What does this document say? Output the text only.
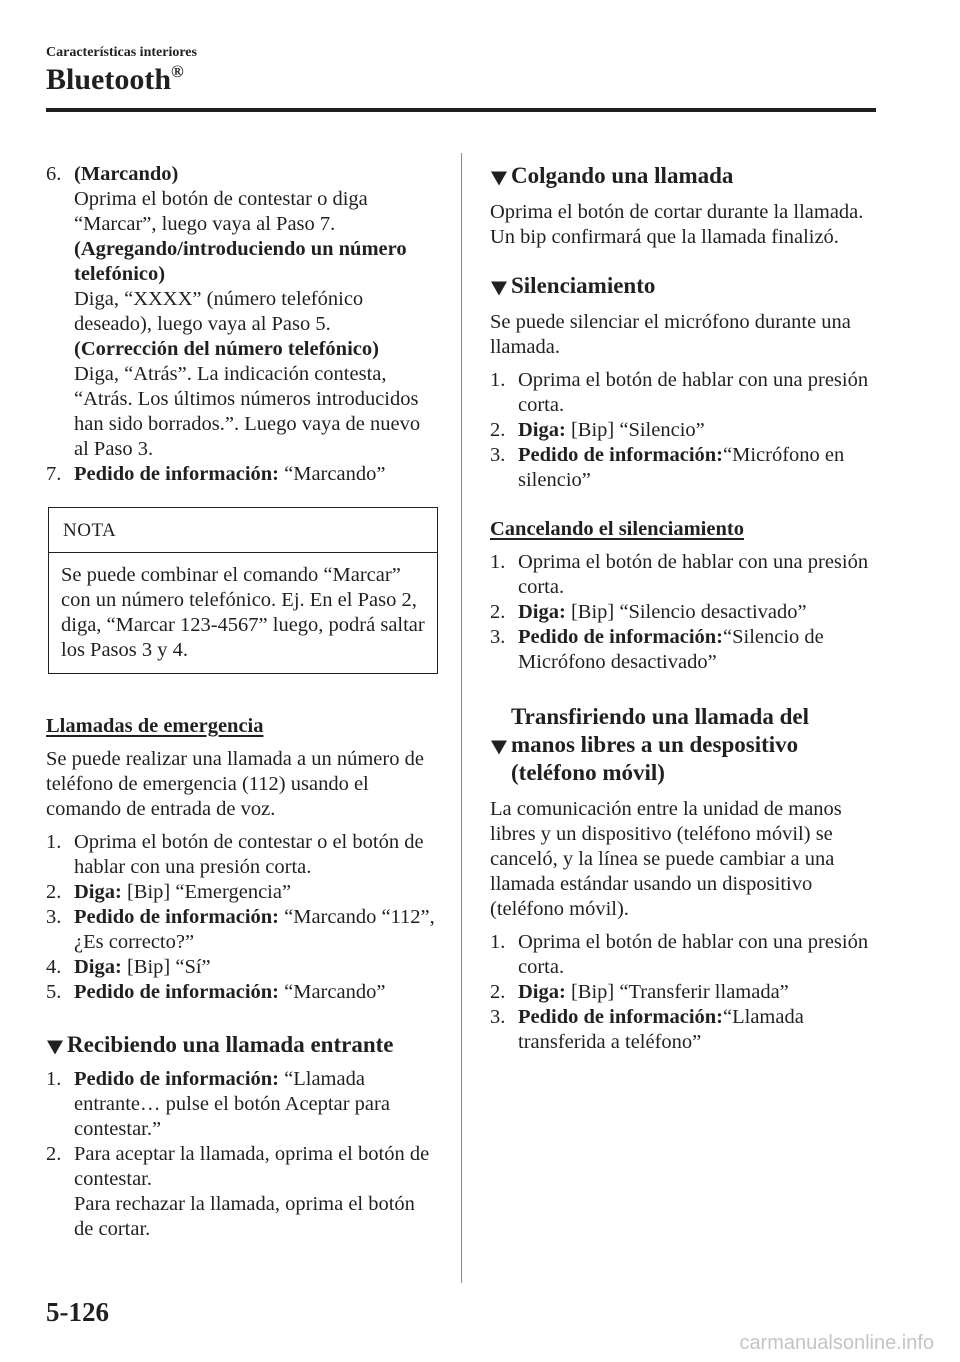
Características interiores
Bluetooth®
6. (Marcando)
Oprima el botón de contestar o diga “Marcar”, luego vaya al Paso 7.
(Agregando/introduciendo un número telefónico)
Diga, “XXXX” (número telefónico deseado), luego vaya al Paso 5.
(Corrección del número telefónico)
Diga, “Atrás”. La indicación contesta, “Atrás. Los últimos números introducidos han sido borrados.”. Luego vaya de nuevo al Paso 3.
7. Pedido de información: “Marcando”
NOTA
Se puede combinar el comando “Marcar” con un número telefónico. Ej. En el Paso 2, diga, “Marcar 123-4567” luego, podrá saltar los Pasos 3 y 4.
Llamadas de emergencia
Se puede realizar una llamada a un número de teléfono de emergencia (112) usando el comando de entrada de voz.
1. Oprima el botón de contestar o el botón de hablar con una presión corta.
2. Diga: [Bip] “Emergencia”
3. Pedido de información: “Marcando “112”, ¿Es correcto?”
4. Diga: [Bip] “Sí”
5. Pedido de información: “Marcando”
Recibiendo una llamada entrante
1. Pedido de información: “Llamada entrante… pulse el botón Aceptar para contestar.”
2. Para aceptar la llamada, oprima el botón de contestar.
Para rechazar la llamada, oprima el botón de cortar.
Colgando una llamada
Oprima el botón de cortar durante la llamada. Un bip confirmará que la llamada finalizó.
Silenciamiento
Se puede silenciar el micrófono durante una llamada.
1. Oprima el botón de hablar con una presión corta.
2. Diga: [Bip] “Silencio”
3. Pedido de información:“Micrófono en silencio”
Cancelando el silenciamiento
1. Oprima el botón de hablar con una presión corta.
2. Diga: [Bip] “Silencio desactivado”
3. Pedido de información:“Silencio de Micrófono desactivado”
Transfiriendo una llamada del manos libres a un despositivo (teléfono móvil)
La comunicación entre la unidad de manos libres y un dispositivo (teléfono móvil) se canceló, y la línea se puede cambiar a una llamada estándar usando un dispositivo (teléfono móvil).
1. Oprima el botón de hablar con una presión corta.
2. Diga: [Bip] “Transferir llamada”
3. Pedido de información:“Llamada transferida a teléfono”
5-126
carmanualsonline.info
